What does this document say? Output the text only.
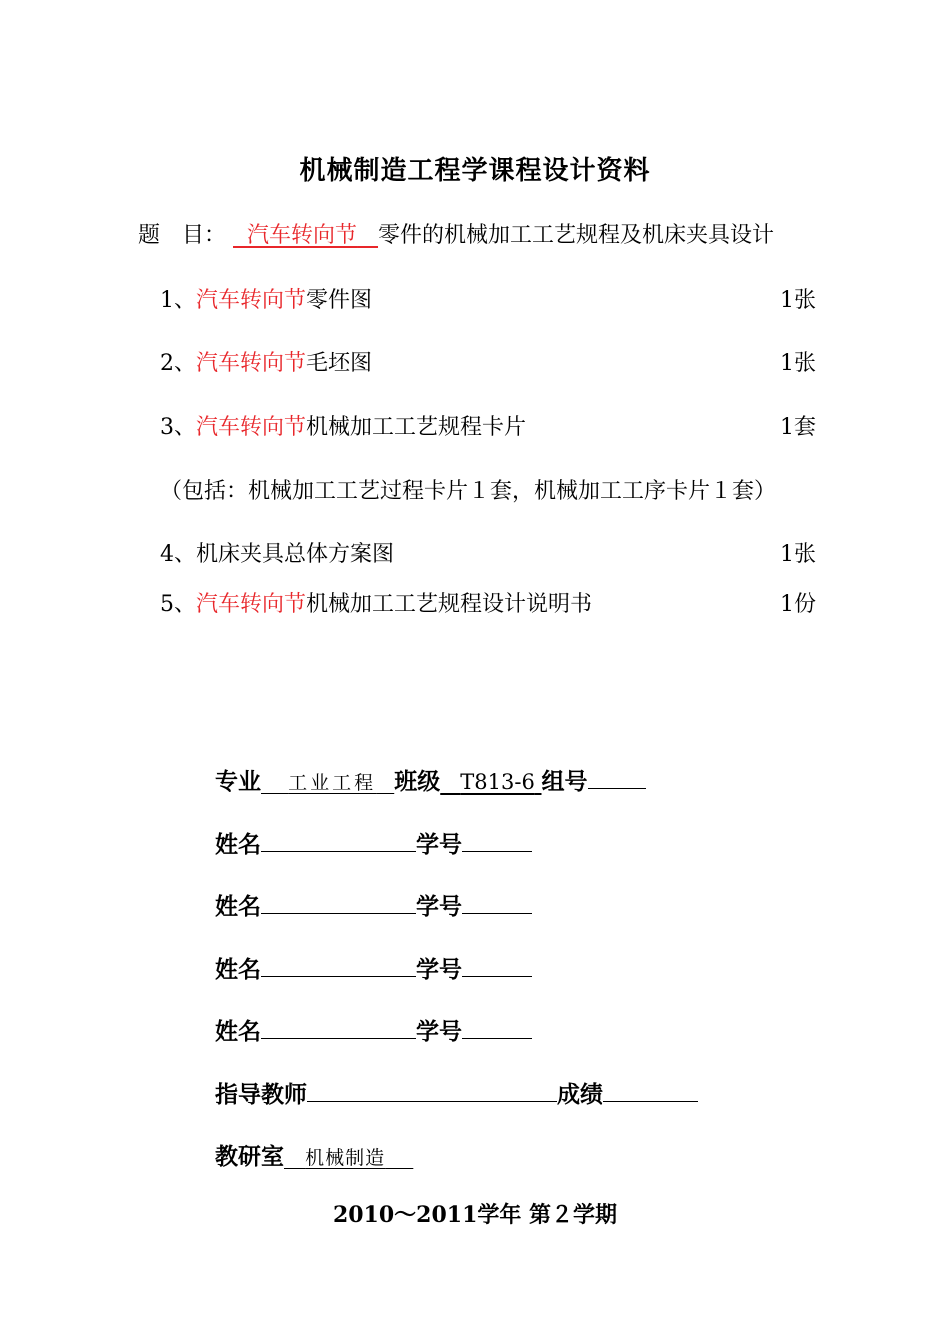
机械制造工程学课程设计资料
题　目： 汽车转向节 零件的机械加工工艺规程及机床夹具设计
1、汽车转向节零件图	1张
2、汽车转向节毛坯图	1张
3、汽车转向节机械加工工艺规程卡片	1套
（包括：机械加工工艺过程卡片１套，机械加工工序卡片１套）
4、机床夹具总体方案图	1张
5、汽车转向节机械加工工艺规程设计说明书	1份
专业 工业工程 班级 T813-6 组号
姓名	学号
姓名	学号
姓名	学号
姓名	学号
指导教师	成绩
教研室 机械制造
2010～2011学年 第２学期
